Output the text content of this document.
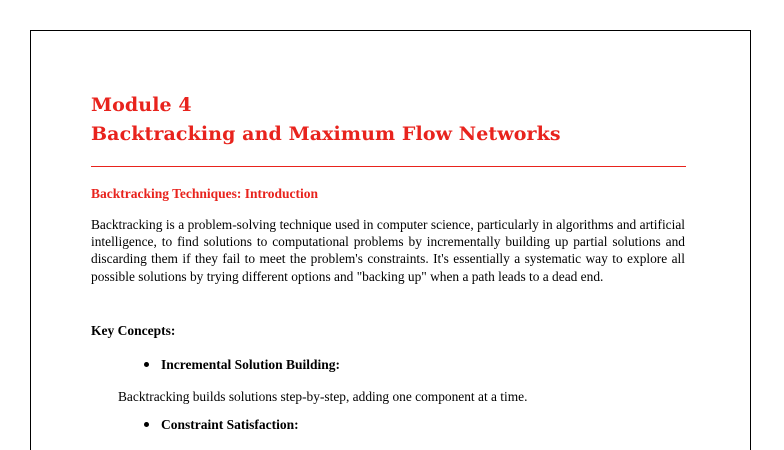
Module 4
Backtracking and Maximum Flow Networks
Backtracking Techniques: Introduction

Backtracking is a problem-solving technique used in computer science, particularly in algorithms and artificial intelligence, to find solutions to computational problems by incrementally building up partial solutions and discarding them if they fail to meet the problem's constraints. It's essentially a systematic way to explore all possible solutions by trying different options and "backing up" when a path leads to a dead end.

Key Concepts:
Incremental Solution Building:

Backtracking builds solutions step-by-step, adding one component at a time.

Constraint Satisfaction:
